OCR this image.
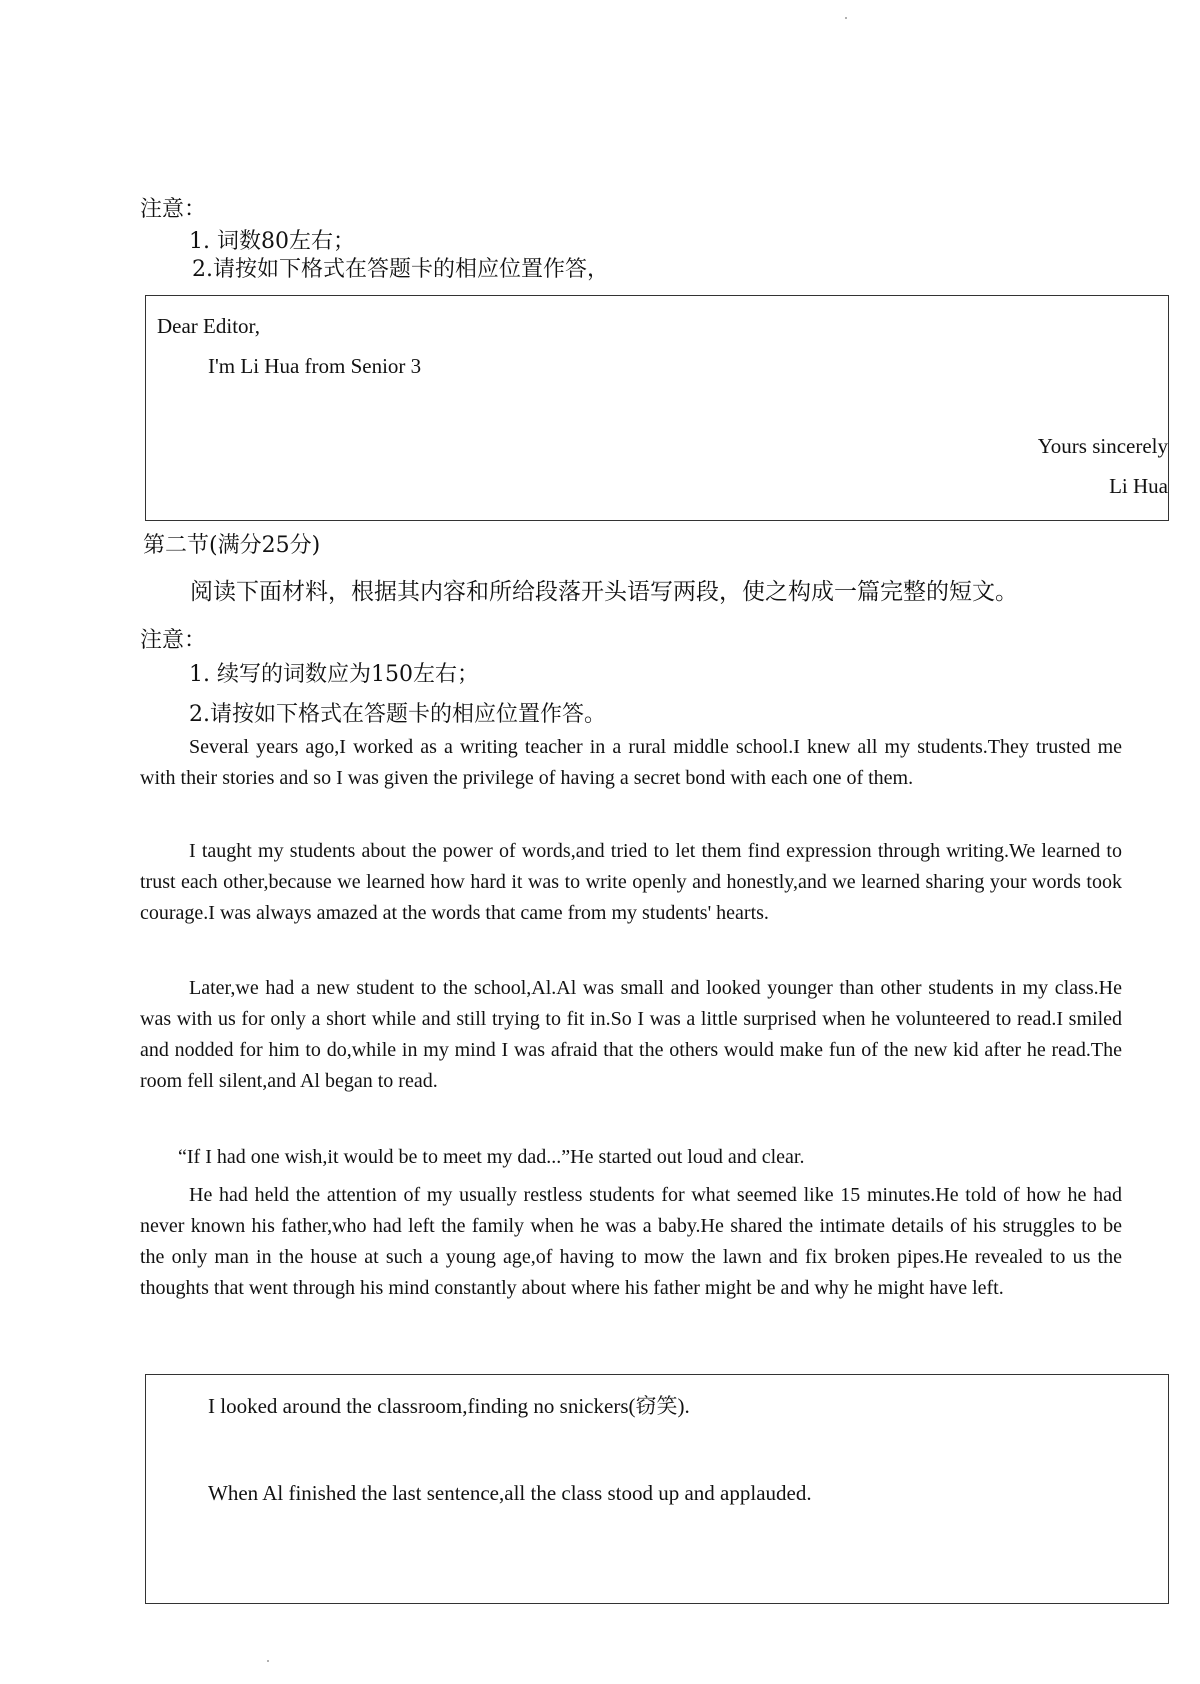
注意：
1. 词数80左右；
2.请按如下格式在答题卡的相应位置作答，
Dear Editor,
I'm Li Hua from Senior 3
Yours sincerely
Li Hua
第二节(满分25分)
阅读下面材料，根据其内容和所给段落开头语写两段，使之构成一篇完整的短文。
注意：
1. 续写的词数应为150左右；
2.请按如下格式在答题卡的相应位置作答。
Several years ago,I worked as a writing teacher in a rural middle school.I knew all my students.They trusted me with their stories and so I was given the privilege of having a secret bond with each one of them.
I taught my students about the power of words,and tried to let them find expression through writing.We learned to trust each other,because we learned how hard it was to write openly and honestly,and we learned sharing your words took courage.I was always amazed at the words that came from my students' hearts.
Later,we had a new student to the school,Al.Al was small and looked younger than other students in my class.He was with us for only a short while and still trying to fit in.So I was a little surprised when he volunteered to read.I smiled and nodded for him to do,while in my mind I was afraid that the others would make fun of the new kid after he read.The room fell silent,and Al began to read.
“If I had one wish,it would be to meet my dad...”He started out loud and clear.
He had held the attention of my usually restless students for what seemed like 15 minutes.He told of how he had never known his father,who had left the family when he was a baby.He shared the intimate details of his struggles to be the only man in the house at such a young age,of having to mow the lawn and fix broken pipes.He revealed to us the thoughts that went through his mind constantly about where his father might be and why he might have left.
I looked around the classroom,finding no snickers(窃笑).
When Al finished the last sentence,all the class stood up and applauded.
